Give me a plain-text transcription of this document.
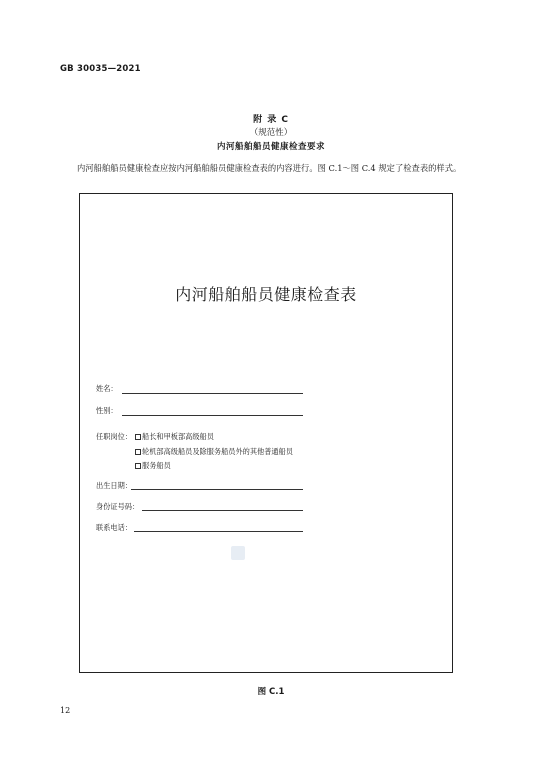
GB 30035—2021
附 录 C
（规范性）
内河船舶船员健康检查要求
内河船舶船员健康检查应按内河船舶船员健康检查表的内容进行。图 C.1～图 C.4 规定了检查表的样式。
内河船舶船员健康检查表
姓名：
性别：
任职岗位：	船长和甲板部高级船员
轮机部高级船员及除服务船员外的其他普通船员
服务船员
出生日期：
身份证号码：
联系电话：
图 C.1
12
